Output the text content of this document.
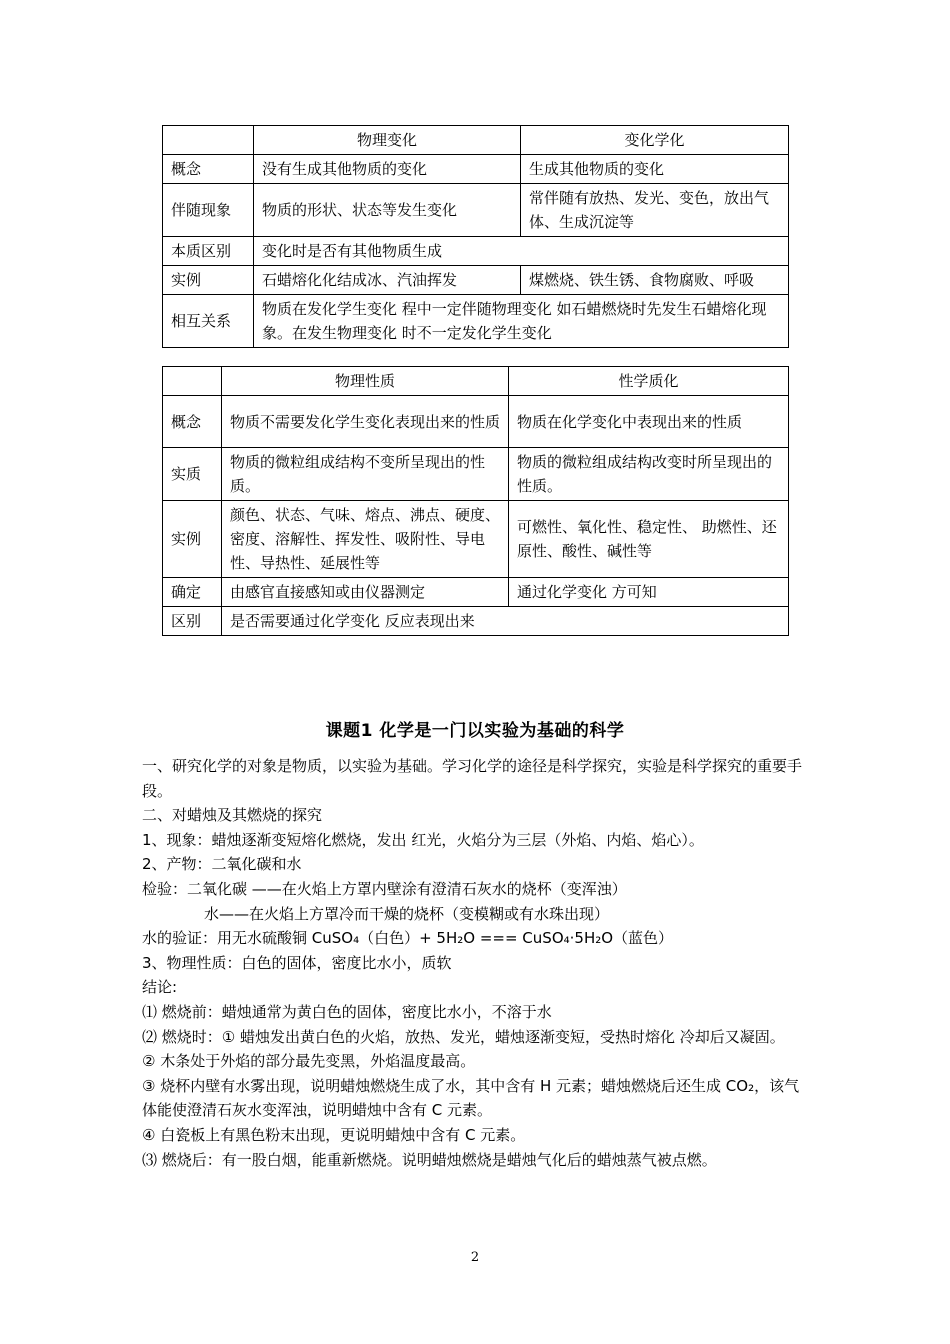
	物理变化	变化学化
概念	没有生成其他物质的变化	生成其他物质的变化
伴随现象	物质的形状、状态等发生变化	常伴随有放热、发光、变色，放出气体、生成沉淀等
本质区别	变化时是否有其他物质生成	
实例	石蜡熔化化结成冰、汽油挥发	煤燃烧、铁生锈、食物腐败、呼吸
相互关系	物质在发化学生变化 程中一定伴随物理变化 如石蜡燃烧时先发生石蜡熔化现象。在发生物理变化 时不一定发化学生变化	
	物理性质	性学质化
概念	物质不需要发化学生变化表现出来的性质	物质在化学变化中表现出来的性质
实质	物质的微粒组成结构不变所呈现出的性质。	物质的微粒组成结构改变时所呈现出的性质。
实例	颜色、状态、气味、熔点、沸点、硬度、密度、溶解性、挥发性、吸附性、导电性、导热性、延展性等	可燃性、氧化性、稳定性、 助燃性、还原性、酸性、碱性等
确定	由感官直接感知或由仪器测定	通过化学变化 方可知
区别	是否需要通过化学变化 反应表现出来	
课题1 化学是一门以实验为基础的科学

一、研究化学的对象是物质，以实验为基础。学习化学的途径是科学探究，实验是科学探究的重要手段。

二、对蜡烛及其燃烧的探究

1、现象：蜡烛逐渐变短熔化燃烧，发出 红光，火焰分为三层（外焰、内焰、焰心）。

2、产物：二氧化碳和水

检验：二氧化碳 ——在火焰上方罩内壁涂有澄清石灰水的烧杯（变浑浊）

水——在火焰上方罩冷而干燥的烧杯（变模糊或有水珠出现）

水的验证：用无水硫酸铜 CuSO₄（白色）+ 5H₂O === CuSO₄·5H₂O（蓝色）

3、物理性质：白色的固体，密度比水小，质软

结论:

⑴ 燃烧前：蜡烛通常为黄白色的固体，密度比水小，不溶于水

⑵ 燃烧时：① 蜡烛发出黄白色的火焰，放热、发光，蜡烛逐渐变短，受热时熔化 冷却后又凝固。

② 木条处于外焰的部分最先变黑，外焰温度最高。

③ 烧杯内壁有水雾出现，说明蜡烛燃烧生成了水，其中含有 H 元素；蜡烛燃烧后还生成 CO₂，该气体能使澄清石灰水变浑浊，说明蜡烛中含有 C 元素。

④ 白瓷板上有黑色粉末出现，更说明蜡烛中含有 C 元素。

⑶ 燃烧后：有一股白烟，能重新燃烧。说明蜡烛燃烧是蜡烛气化后的蜡烛蒸气被点燃。

2
